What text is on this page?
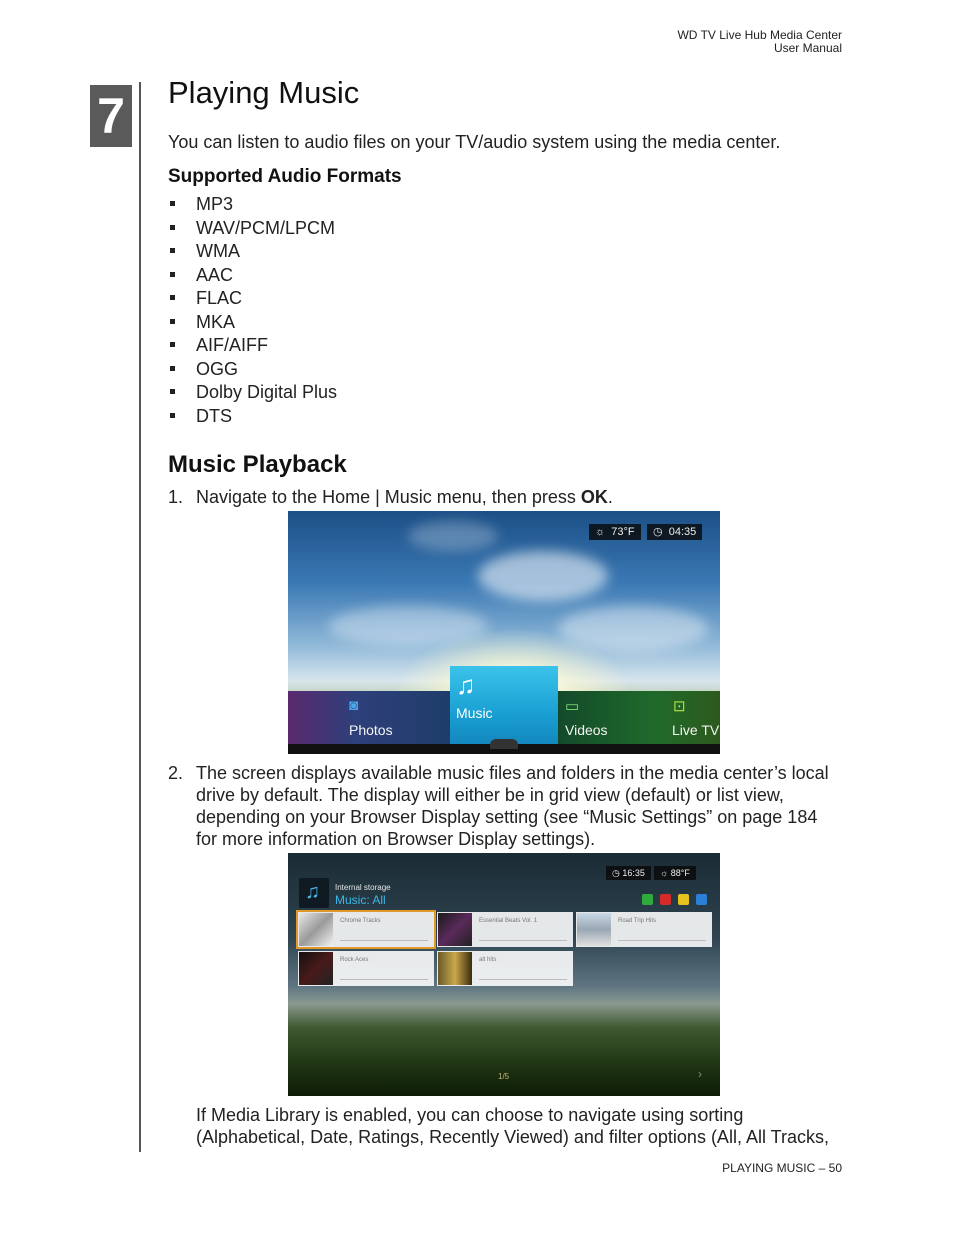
WD TV Live Hub Media Center
User Manual
7 Playing Music
You can listen to audio files on your TV/audio system using the media center.
Supported Audio Formats
MP3
WAV/PCM/LPCM
WMA
AAC
FLAC
MKA
AIF/AIFF
OGG
Dolby Digital Plus
DTS
Music Playback
1. Navigate to the Home | Music menu, then press OK.
☼ 73°F	◷ 04:35
◙
Photos
▭
Videos
⊡
Live TV
♫
Music
2. The screen displays available music files and folders in the media center’s local
drive by default. The display will either be in grid view (default) or list view,
depending on your Browser Display setting (see “Music Settings” on page 184
for more information on Browser Display settings).
♫ Internal storage
Music: All
◷ 16:35	☼ 88°F
Chrome Tracks	Essential Beats Vol. 1	Road Trip Hits
Rock Aces	alt hits
1/5	›
If Media Library is enabled, you can choose to navigate using sorting
(Alphabetical, Date, Ratings, Recently Viewed) and filter options (All, All Tracks,
PLAYING MUSIC – 50
